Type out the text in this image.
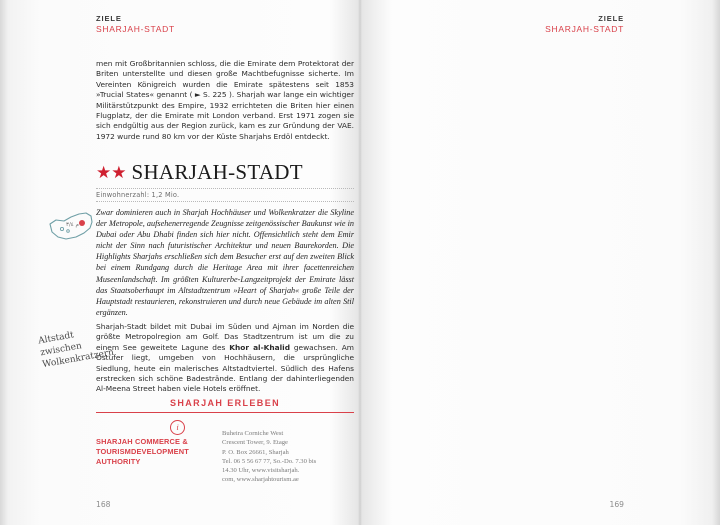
ZIELE
SHARJAH-STADT

men mit Großbritannien schloss, die die Emirate dem Protektorat der Briten unterstellte und diesen große Machtbefugnisse sicherte. Im Vereinten Königreich wurden die Emirate spätestens seit 1853 »Trucial States« genannt ( ► S. 225 ). Sharjah war lange ein wichtiger Militärstützpunkt des Empire, 1932 errichteten die Briten hier einen Flugplatz, der die Emirate mit London verband. Erst 1971 zogen sie sich endgültig aus der Region zurück, kam es zur Gründung der VAE. 1972 wurde rund 80 km vor der Küste Sharjahs Erdöl entdeckt.

★★ SHARJAH-STADT
Einwohnerzahl: 1,2 Mio.

Zwar dominieren auch in Sharjah Hochhäuser und Wolkenkratzer die Skyline der Metropole, aufsehenerregende Zeugnisse zeitgenössischer Baukunst wie in Dubai oder Abu Dhabi finden sich hier nicht. Offensichtlich steht dem Emir nicht der Sinn nach futuristischer Architektur und neuen Baurekorden. Die Highlights Sharjahs erschließen sich dem Besucher erst auf den zweiten Blick bei einem Rundgang durch die Heritage Area mit ihrer facettenreichen Museenlandschaft. Im größten Kulturerbe-Langzeitprojekt der Emirate lässt das Staatsoberhaupt im Altstadtzentrum »Heart of Sharjah« große Teile der Hauptstadt restaurieren, rekonstruieren und durch neue Gebäude im alten Stil ergänzen.

Sharjah-Stadt bildet mit Dubai im Süden und Ajman im Norden die größte Metropolregion am Golf. Das Stadtzentrum ist um die zu einem See geweitete Lagune des Khor al-Khalid gewachsen. Am Ostufer liegt, umgeben von Hochhäusern, die ursprüngliche Siedlung, heute ein malerisches Altstadtviertel. Südlich des Hafens erstrecken sich schöne Badestrände. Entlang der dahinterliegenden Al-Meena Street haben viele Hotels eröffnet.

م ٣/٤
Altstadt zwischen Wolkenkratzern
SHARJAH ERLEBEN
i
SHARJAH COMMERCE & TOURISMDEVELOPMENT AUTHORITY
Buheira Corniche West
Crescent Tower, 9. Etage
P. O. Box 26661, Sharjah
Tel. 06 5 56 67 77, So.-Do. 7.30 bis
14.30 Uhr, www.visitsharjah.
com, www.sharjahtourism.ae
168
ZIELE
SHARJAH-STADT

169
